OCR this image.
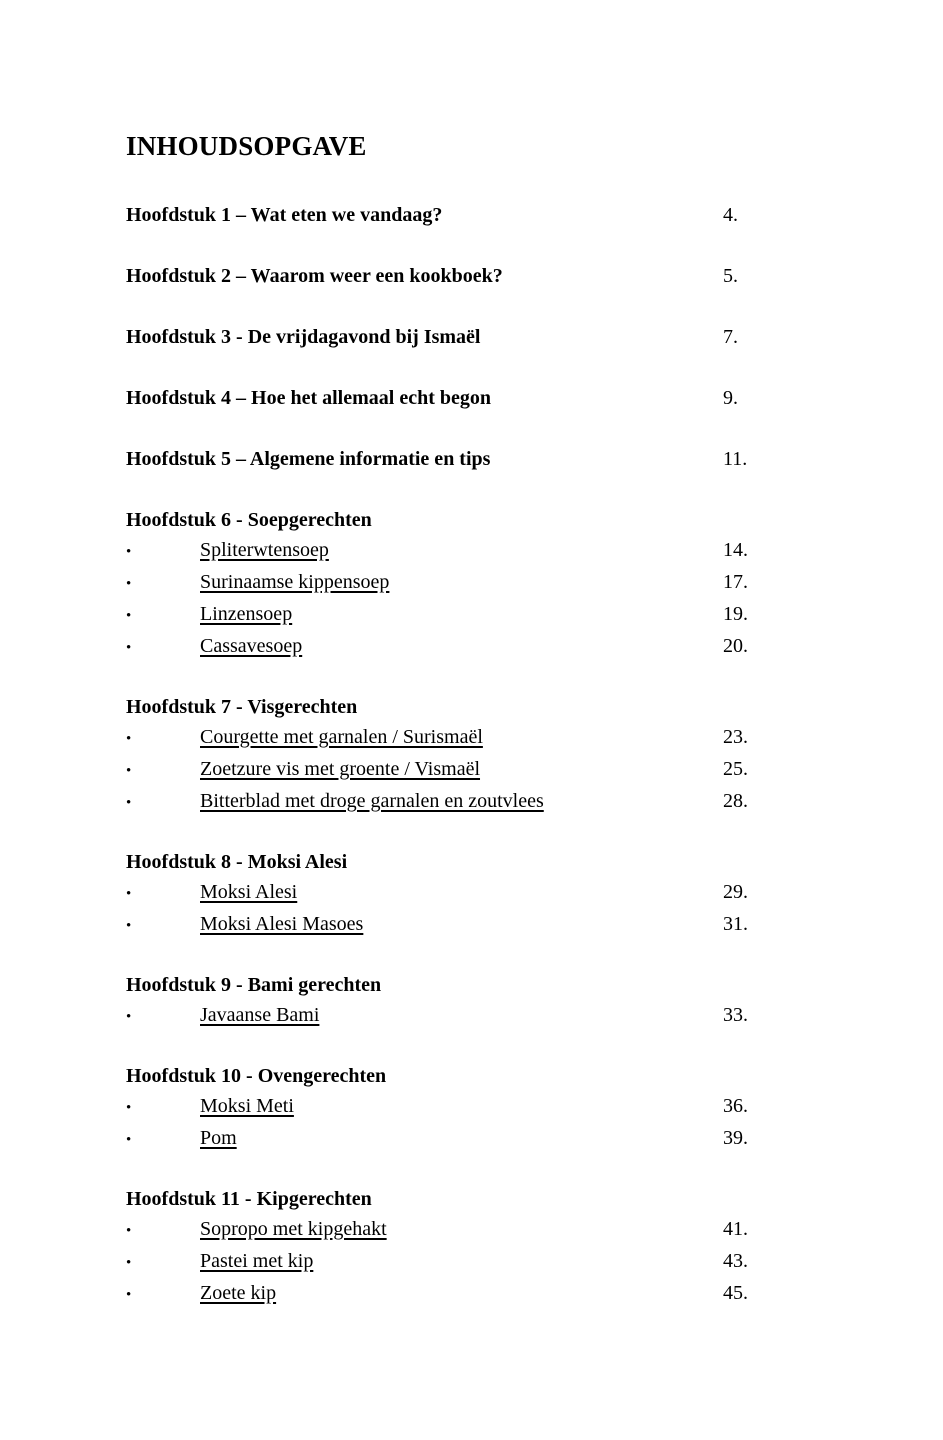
INHOUDSOPGAVE
Hoofdstuk 1 – Wat eten we vandaag?	4.
Hoofdstuk 2 – Waarom weer een kookboek?	5.
Hoofdstuk 3 - De vrijdagavond bij Ismaël	7.
Hoofdstuk 4 – Hoe het allemaal echt begon	9.
Hoofdstuk 5 – Algemene informatie en tips	11.
Hoofdstuk 6 - Soepgerechten
•	Spliterwtensoep	14.
•	Surinaamse kippensoep	17.
•	Linzensoep	19.
•	Cassavesoep	20.
Hoofdstuk 7 - Visgerechten
•	Courgette met garnalen / Surismaël	23.
•	Zoetzure vis met groente / Vismaël	25.
•	Bitterblad met droge garnalen en zoutvlees	28.
Hoofdstuk 8 - Moksi Alesi
•	Moksi Alesi	29.
•	Moksi Alesi Masoes	31.
Hoofdstuk 9 - Bami gerechten
•	Javaanse Bami	33.
Hoofdstuk 10 - Ovengerechten
•	Moksi Meti	36.
•	Pom	39.
Hoofdstuk 11 - Kipgerechten
•	Sopropo met kipgehakt	41.
•	Pastei met kip	43.
•	Zoete kip	45.
